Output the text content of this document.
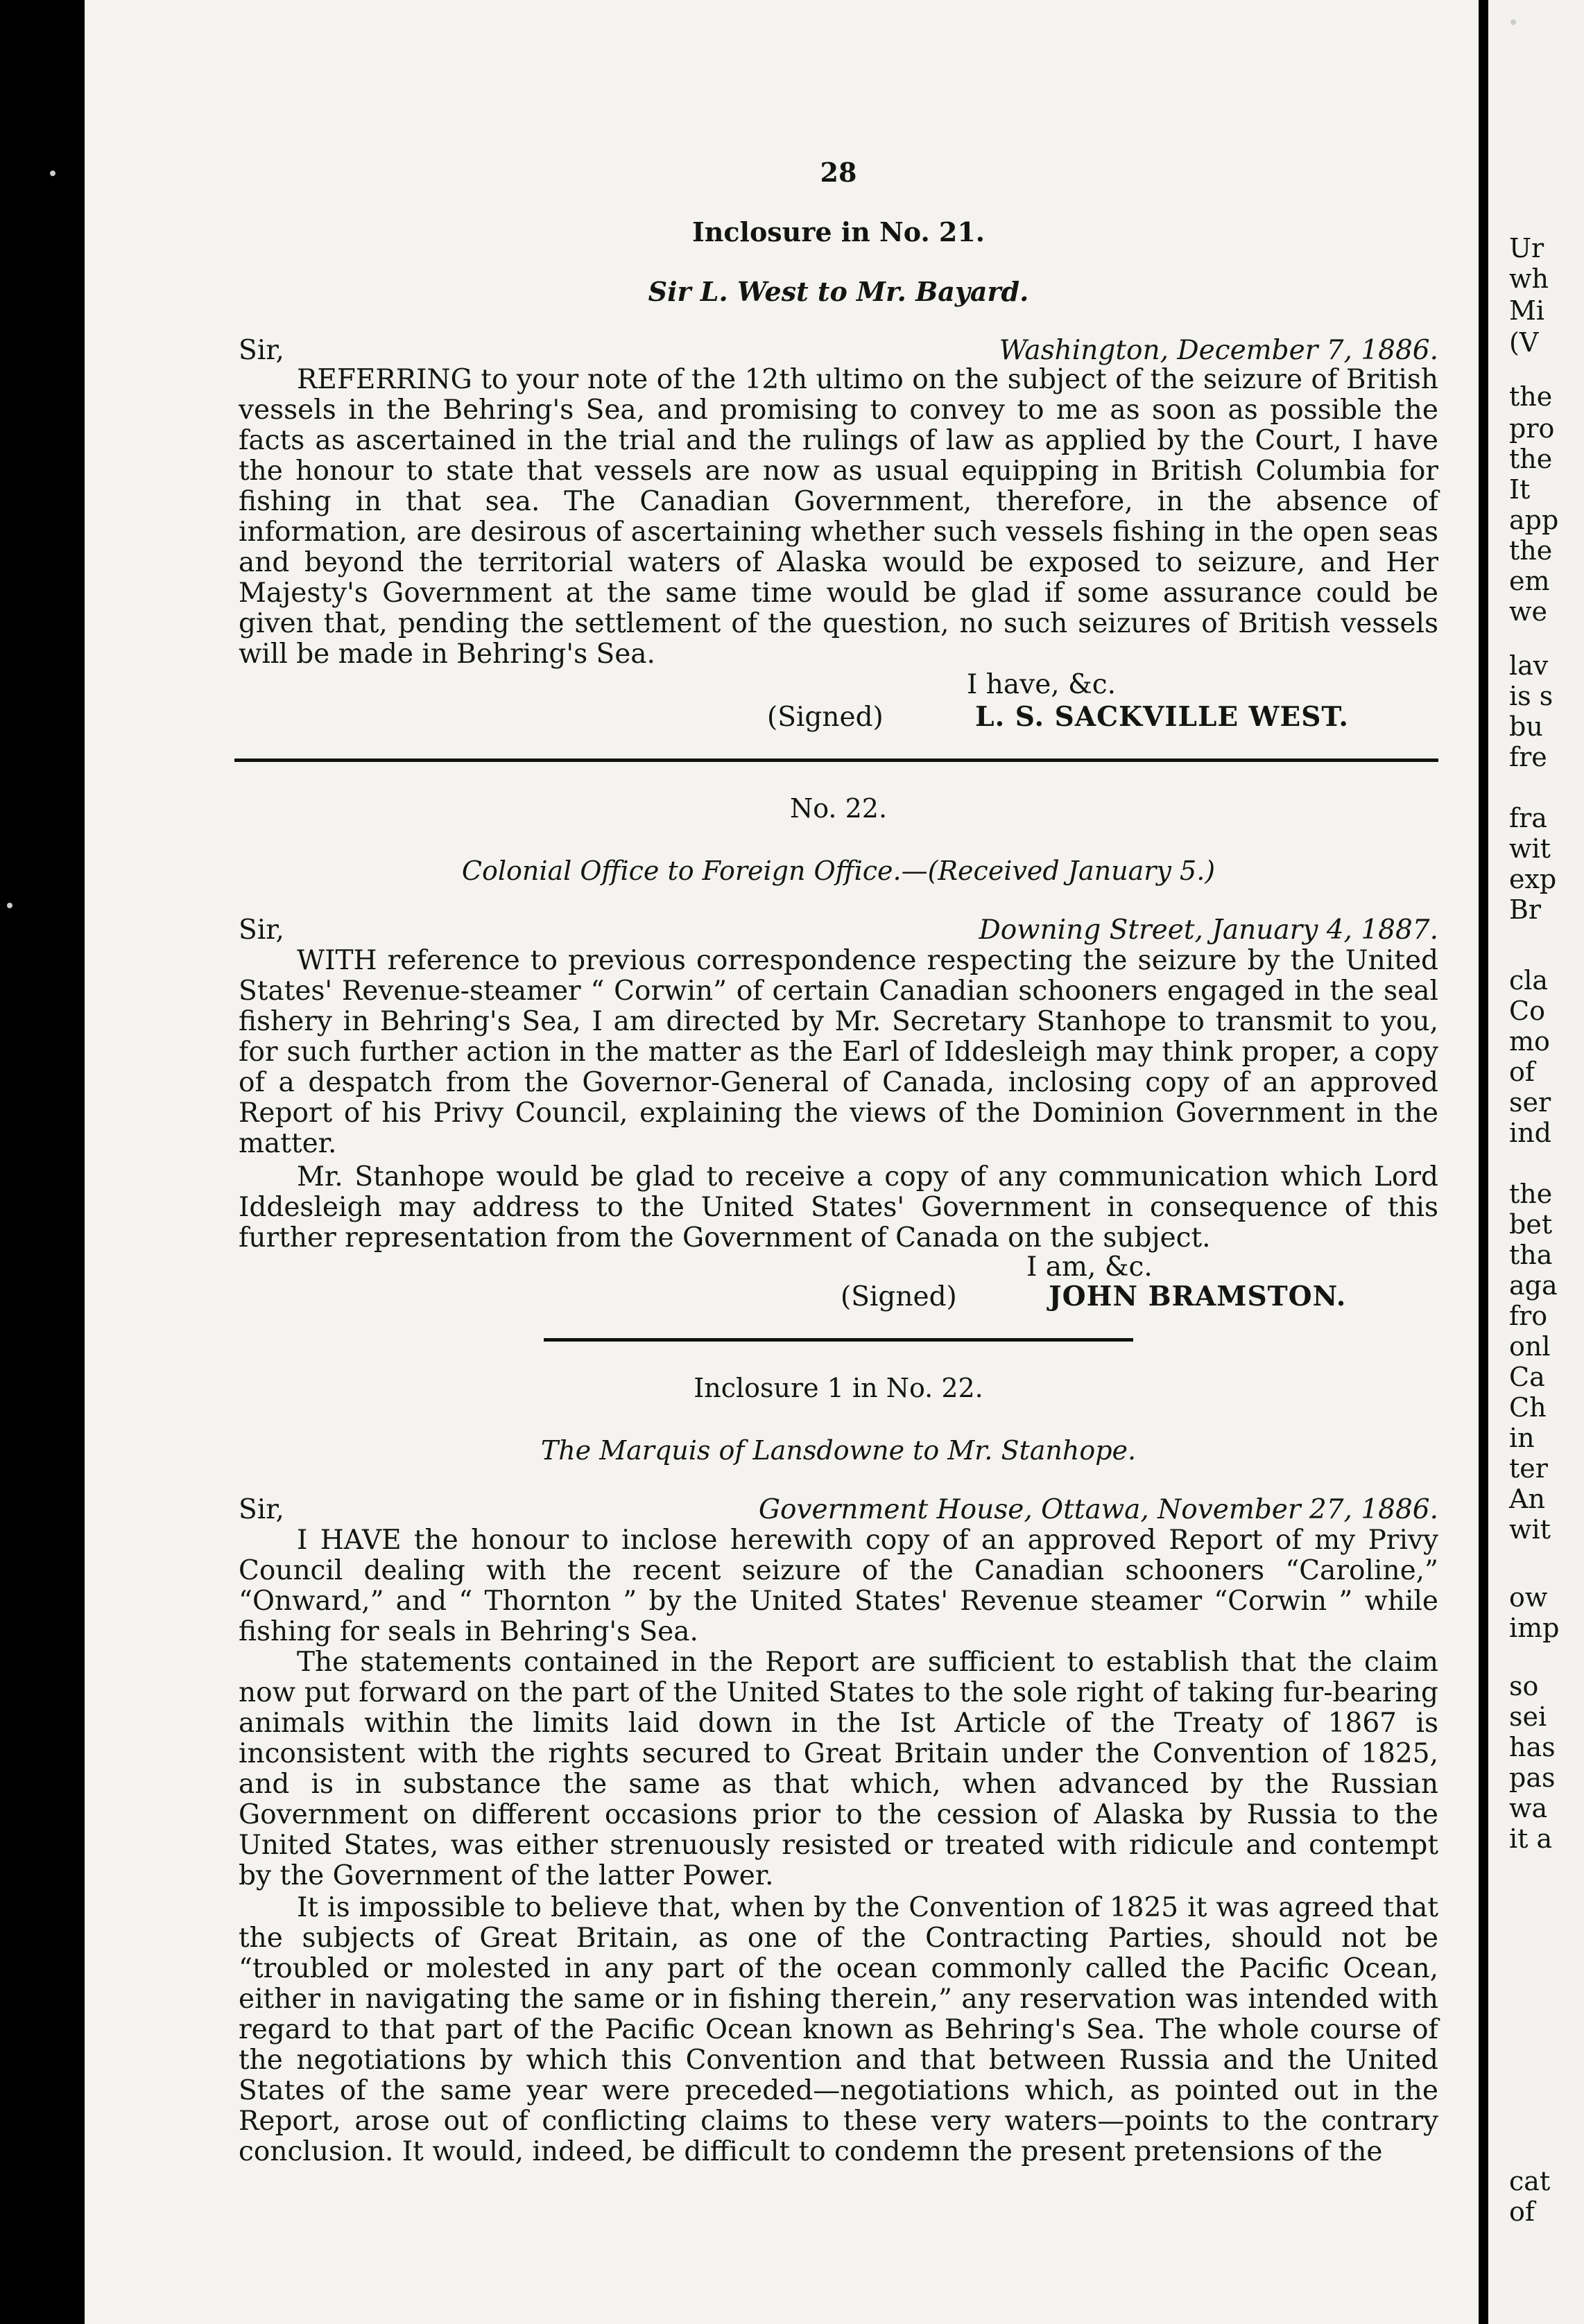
28
Inclosure in No. 21.
Sir L. West to Mr. Bayard.
Sir,	Washington, December 7, 1886.

REFERRING to your note of the 12th ultimo on the subject of the seizure of British vessels in the Behring's Sea, and promising to convey to me as soon as possible the facts as ascertained in the trial and the rulings of law as applied by the Court, I have the honour to state that vessels are now as usual equipping in British Columbia for fishing in that sea. The Canadian Government, therefore, in the absence of information, are desirous of ascertaining whether such vessels fishing in the open seas and beyond the territorial waters of Alaska would be exposed to seizure, and Her Majesty's Government at the same time would be glad if some assurance could be given that, pending the settlement of the question, no such seizures of British vessels will be made in Behring's Sea.

I have, &c.
(Signed)	L. S. SACKVILLE WEST.
No. 22.
Colonial Office to Foreign Office.—(Received January 5.)
Sir,	Downing Street, January 4, 1887.

WITH reference to previous correspondence respecting the seizure by the United States' Revenue-steamer “ Corwin” of certain Canadian schooners engaged in the seal fishery in Behring's Sea, I am directed by Mr. Secretary Stanhope to transmit to you, for such further action in the matter as the Earl of Iddesleigh may think proper, a copy of a despatch from the Governor-General of Canada, inclosing copy of an approved Report of his Privy Council, explaining the views of the Dominion Government in the matter.

Mr. Stanhope would be glad to receive a copy of any communication which Lord Iddesleigh may address to the United States' Government in consequence of this further representation from the Government of Canada on the subject.

I am, &c.
(Signed)	JOHN BRAMSTON.
Inclosure 1 in No. 22.
The Marquis of Lansdowne to Mr. Stanhope.
Sir,	Government House, Ottawa, November 27, 1886.

I HAVE the honour to inclose herewith copy of an approved Report of my Privy Council dealing with the recent seizure of the Canadian schooners “Caroline,” “Onward,” and “ Thornton ” by the United States' Revenue steamer “Corwin ” while fishing for seals in Behring's Sea.

The statements contained in the Report are sufficient to establish that the claim now put forward on the part of the United States to the sole right of taking fur-bearing animals within the limits laid down in the Ist Article of the Treaty of 1867 is inconsistent with the rights secured to Great Britain under the Convention of 1825, and is in substance the same as that which, when advanced by the Russian Government on different occasions prior to the cession of Alaska by Russia to the United States, was either strenuously resisted or treated with ridicule and contempt by the Government of the latter Power.

It is impossible to believe that, when by the Convention of 1825 it was agreed that the subjects of Great Britain, as one of the Contracting Parties, should not be “troubled or molested in any part of the ocean commonly called the Pacific Ocean, either in navigating the same or in fishing therein,” any reservation was intended with regard to that part of the Pacific Ocean known as Behring's Sea. The whole course of the negotiations by which this Convention and that between Russia and the United States of the same year were preceded—negotiations which, as pointed out in the Report, arose out of conflicting claims to these very waters—points to the contrary conclusion. It would, indeed, be difficult to condemn the present pretensions of the

Ur
wh
Mi
(V
the
pro
the
It
app
the
em
we
lav
is s
bu
fre
fra
wit
exp
Br
cla
Co
mo
of
ser
ind
the
bet
tha
aga
fro
onl
Ca
Ch
in
ter
An
wit
ow
imp
so
sei
has
pas
wa
it a
cat
of
